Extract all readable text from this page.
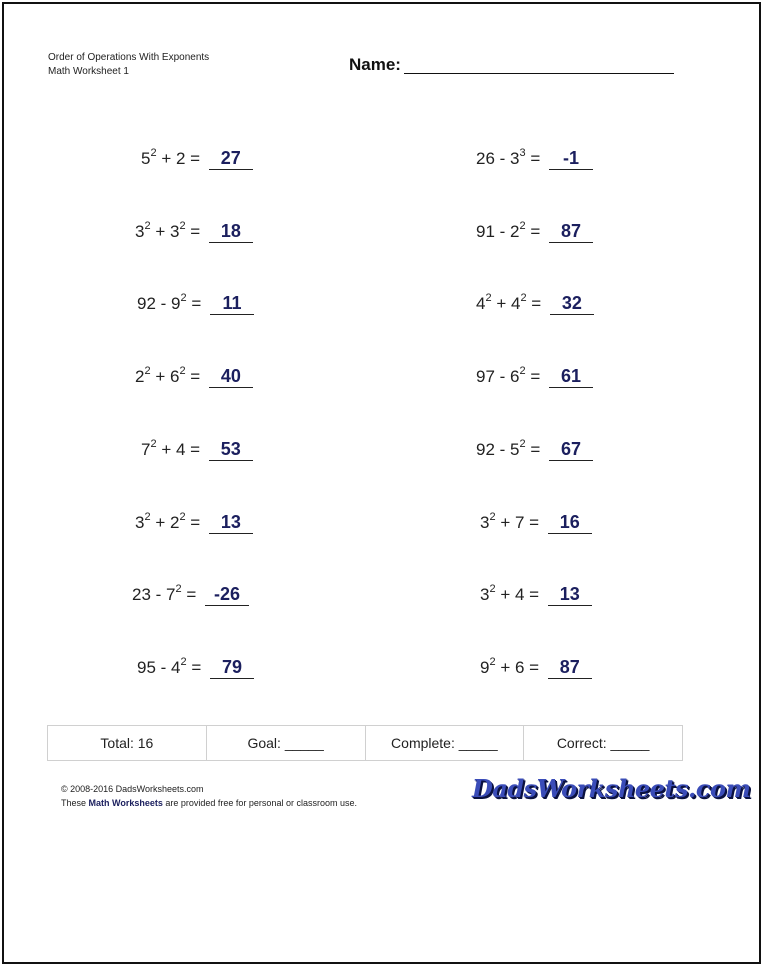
Order of Operations With Exponents
Math Worksheet 1	Name:
$5^2 + 2 = 27$
$3^2 + 3^2 = 18$
$92 - 9^2 = 11$
$2^2 + 6^2 = 40$
$7^2 + 4 = 53$
$3^2 + 2^2 = 13$
$23 - 7^2 = -26$
$95 - 4^2 = 79$
$26 - 3^3 = -1$
$91 - 2^2 = 87$
$4^2 + 4^2 = 32$
$97 - 6^2 = 61$
$92 - 5^2 = 67$
$3^2 + 7 = 16$
$3^2 + 4 = 13$
$9^2 + 6 = 87$
Total: 16	Goal: _____	Complete: _____	Correct: _____
© 2008-2016 DadsWorksheets.com
These Math Worksheets are provided free for personal or classroom use.	DadsWorksheets.com
